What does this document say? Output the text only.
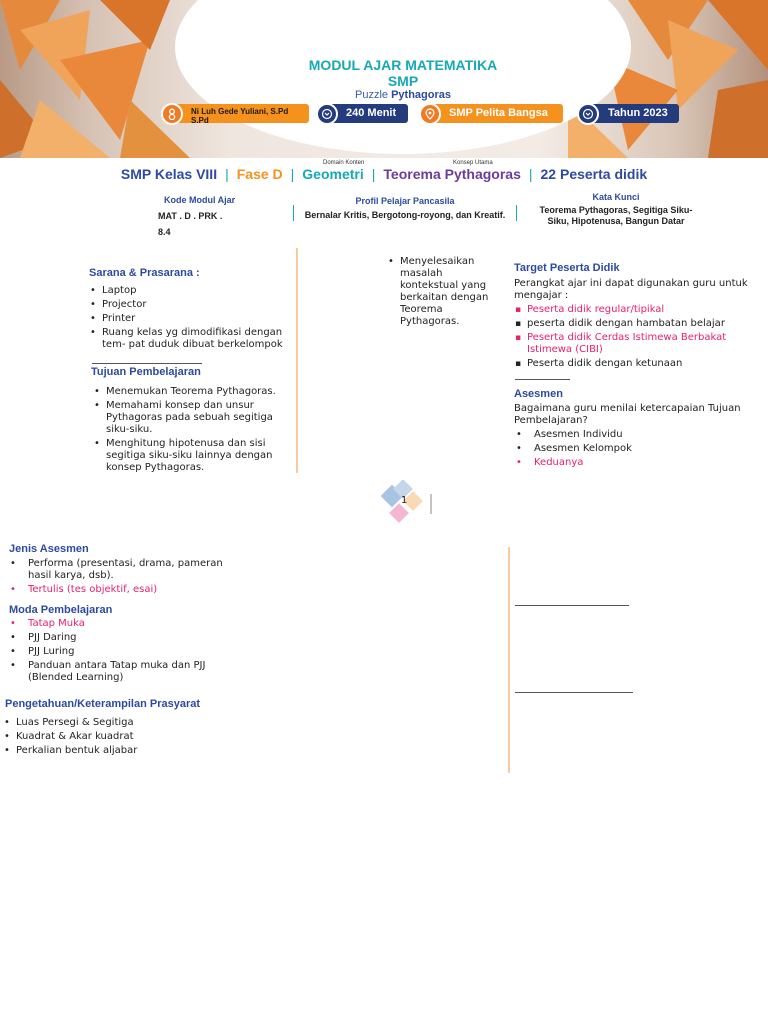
MODUL AJAR MATEMATIKA
SMP
Puzzle Pythagoras
Ni Luh Gede Yuliani, S.Pd
S.Pd
240 Menit	SMP Pelita Bangsa	Tahun 2023
Domain Konten	Konsep Utama
SMP Kelas VIII | Fase D | Geometri | Teorema Pythagoras | 22 Peserta didik
Kode Modul Ajar
MAT . D . PRK .
8.4
Profil Pelajar Pancasila
Bernalar Kritis, Bergotong-royong, dan Kreatif.
Kata Kunci
Teorema Pythagoras, Segitiga Siku-Siku, Hipotenusa, Bangun Datar
Sarana & Prasarana :
• Laptop
• Projector
• Printer
• Ruang kelas yg dimodifikasi dengan tem- pat duduk dibuat berkelompok
Tujuan Pembelajaran
• Menemukan Teorema Pythagoras.
• Memahami konsep dan unsur Pythagoras pada sebuah segitiga siku-siku.
• Menghitung hipotenusa dan sisi segitiga siku-siku lainnya dengan konsep Pythagoras.
• Menyelesaikan masalah kontekstual yang berkaitan dengan Teorema Pythagoras.
Target Peserta Didik
Perangkat ajar ini dapat digunakan guru untuk mengajar :
▪ Peserta didik regular/tipikal
▪ peserta didik dengan hambatan belajar
▪ Peserta didik Cerdas Istimewa Berbakat Istimewa (CIBI)
▪ Peserta didik dengan ketunaan
Asesmen
Bagaimana guru menilai ketercapaian Tujuan Pembelajaran?
• Asesmen Individu
• Asesmen Kelompok
• Keduanya
1
Jenis Asesmen
• Performa (presentasi, drama, pameran hasil karya, dsb).
• Tertulis (tes objektif, esai)
Moda Pembelajaran
• Tatap Muka
• PJJ Daring
• PJJ Luring
• Panduan antara Tatap muka dan PJJ (Blended Learning)
Pengetahuan/Keterampilan Prasyarat
• Luas Persegi & Segitiga
• Kuadrat & Akar kuadrat
• Perkalian bentuk aljabar
